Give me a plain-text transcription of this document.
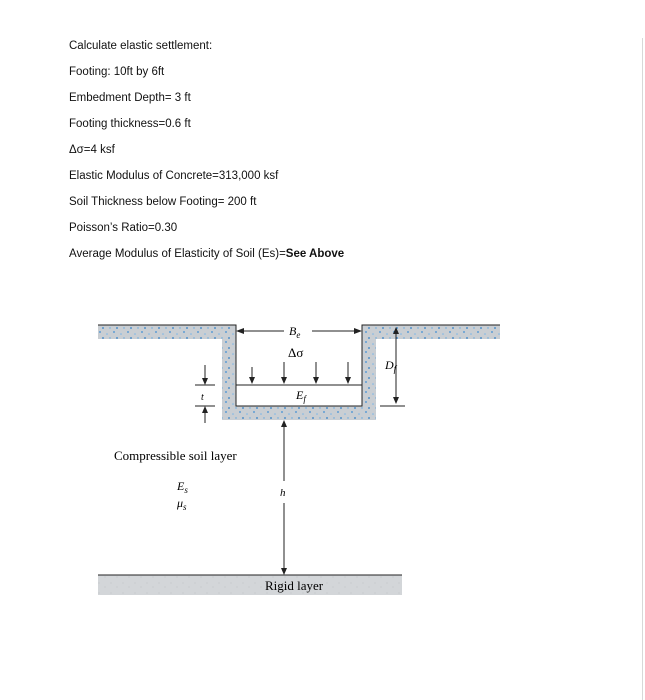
Calculate elastic settlement:
Footing: 10ft by 6ft
Embedment Depth= 3 ft
Footing thickness=0.6 ft
Δσ=4 ksf
Elastic Modulus of Concrete=313,000 ksf
Soil Thickness below Footing= 200 ft
Poisson’s Ratio=0.30
Average Modulus of Elasticity of Soil (Es)=See Above
$B_e$
Δσ
$E_f$
$D_f$
t
Compressible soil layer
$E_s$
$\mu_s$
h
Rigid layer
